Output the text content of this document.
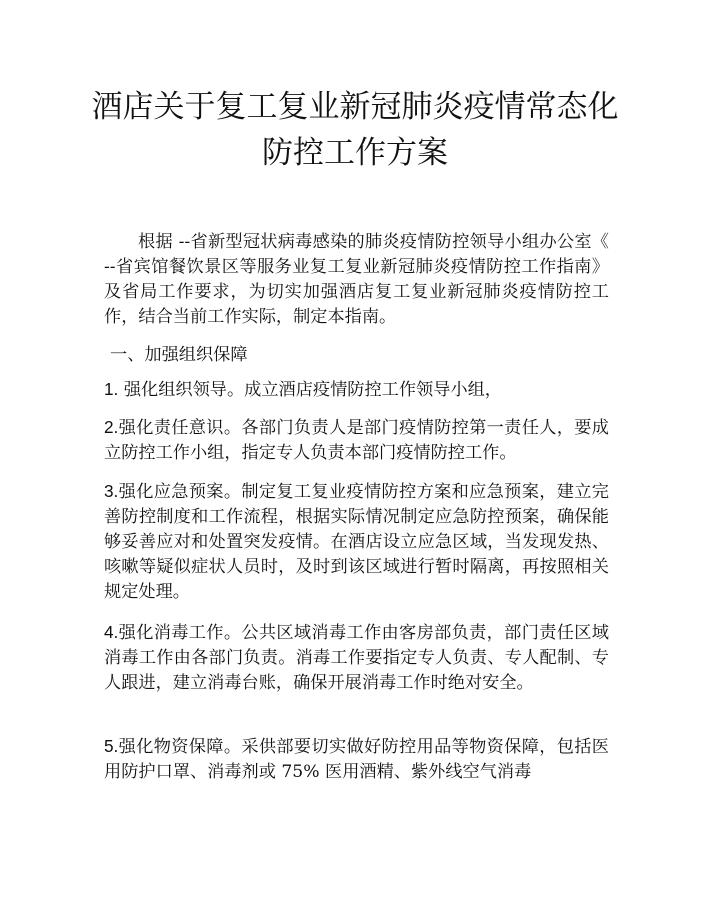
酒店关于复工复业新冠肺炎疫情常态化防控工作方案

根据 --省新型冠状病毒感染的肺炎疫情防控领导小组办公室《 --省宾馆餐饮景区等服务业复工复业新冠肺炎疫情防控工作指南》及省局工作要求，为切实加强酒店复工复业新冠肺炎疫情防控工作，结合当前工作实际，制定本指南。

一、加强组织保障

1. 强化组织领导。成立酒店疫情防控工作领导小组，

2.强化责任意识。各部门负责人是部门疫情防控第一责任人，要成立防控工作小组，指定专人负责本部门疫情防控工作。

3.强化应急预案。制定复工复业疫情防控方案和应急预案，建立完善防控制度和工作流程，根据实际情况制定应急防控预案，确保能够妥善应对和处置突发疫情。在酒店设立应急区域，当发现发热、咳嗽等疑似症状人员时，及时到该区域进行暂时隔离，再按照相关规定处理。

4.强化消毒工作。公共区域消毒工作由客房部负责，部门责任区域消毒工作由各部门负责。消毒工作要指定专人负责、专人配制、专人跟进，建立消毒台账，确保开展消毒工作时绝对安全。

5.强化物资保障。采供部要切实做好防控用品等物资保障，包括医用防护口罩、消毒剂或 75% 医用酒精、紫外线空气消毒
